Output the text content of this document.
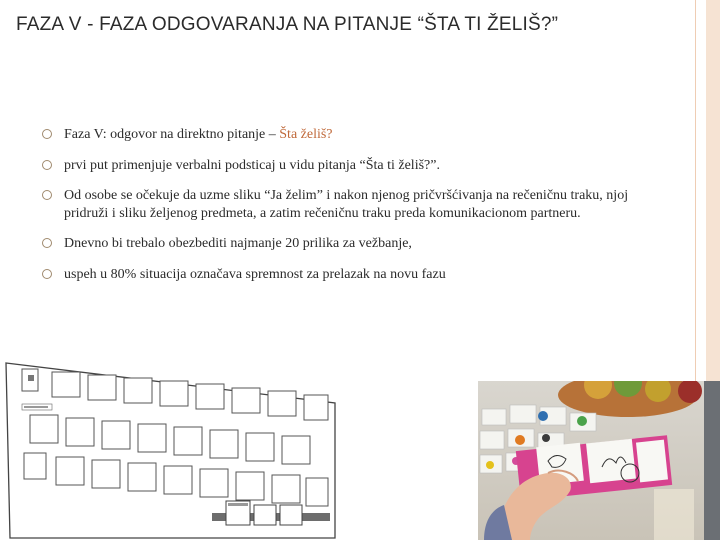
FAZA V - FAZA ODGOVARANJA NA PITANJE “ŠTA TI ŽELIŠ?”
Faza V: odgovor na direktno pitanje – Šta želiš?
prvi put primenjuje verbalni podsticaj u vidu pitanja “Šta ti želiš?”.
Od osobe se očekuje da uzme sliku “Ja želim” i nakon njenog pričvršćivanja na rečeničnu traku, njoj pridruži i sliku željenog predmeta, a zatim rečeničnu traku preda komunikacionom partneru.
Dnevno bi trebalo obezbediti najmanje 20 prilika za vežbanje,
uspeh u 80% situacija označava spremnost za prelazak na novu fazu
